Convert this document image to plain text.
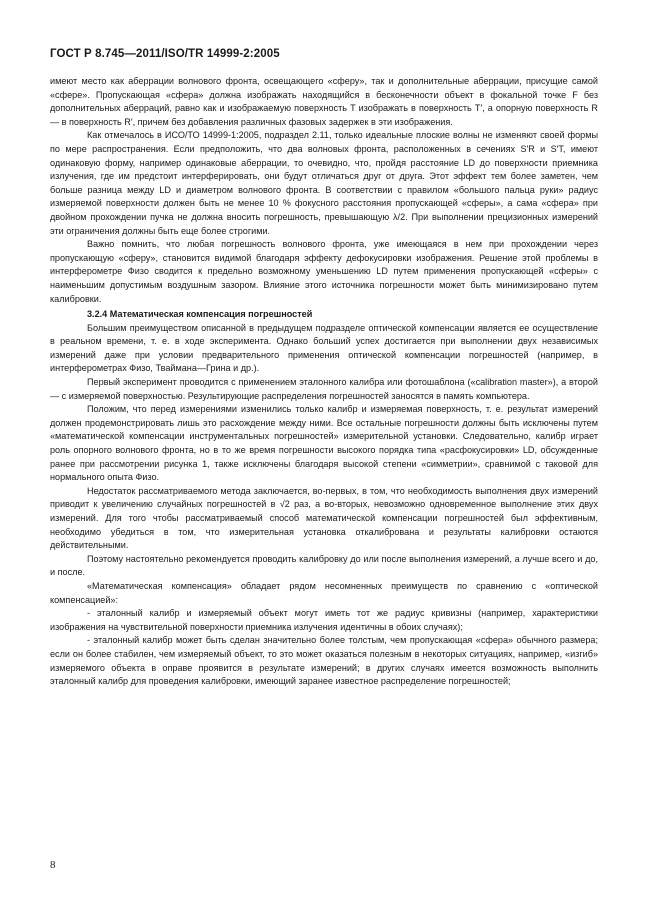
ГОСТ Р 8.745—2011/ISO/TR 14999-2:2005

имеют место как аберрации волнового фронта, освещающего «сферу», так и дополнительные аберрации, присущие самой «сфере». Пропускающая «сфера» должна изображать находящийся в бесконечности объект в фокальной точке F без дополнительных аберраций, равно как и изображаемую поверхность T изображать в поверхность T′, а опорную поверхность R — в поверхность R′, причем без добавления различных фазовых задержек в эти изображения.

Как отмечалось в ИСО/ТО 14999-1:2005, подраздел 2.11, только идеальные плоские волны не изменяют своей формы по мере распространения. Если предположить, что два волновых фронта, расположенных в сечениях S′R и S′T, имеют одинаковую форму, например одинаковые аберрации, то очевидно, что, пройдя расстояние LD до поверхности приемника излучения, где им предстоит интерферировать, они будут отличаться друг от друга. Этот эффект тем более заметен, чем больше разница между LD и диаметром волнового фронта. В соответствии с правилом «большого пальца руки» радиус измеряемой поверхности должен быть не менее 10 % фокусного расстояния пропускающей «сферы», а сама «сфера» при двойном прохождении пучка не должна вносить погрешность, превышающую λ/2. При выполнении прецизионных измерений эти ограничения должны быть еще более строгими.

Важно помнить, что любая погрешность волнового фронта, уже имеющаяся в нем при прохождении через пропускающую «сферу», становится видимой благодаря эффекту дефокусировки изображения. Решение этой проблемы в интерферометре Физо сводится к предельно возможному уменьшению LD путем применения пропускающей «сферы» с наименьшим допустимым воздушным зазором. Влияние этого источника погрешности может быть минимизировано путем калибровки.

3.2.4 Математическая компенсация погрешностей

Большим преимуществом описанной в предыдущем подразделе оптической компенсации является ее осуществление в реальном времени, т. е. в ходе эксперимента. Однако больший успех достигается при выполнении двух независимых измерений даже при условии предварительного применения оптической компенсации погрешностей (например, в интерферометрах Физо, Тваймана—Грина и др.).

Первый эксперимент проводится с применением эталонного калибра или фотошаблона («calibration master»), а второй — с измеряемой поверхностью. Результирующие распределения погрешностей заносятся в память компьютера.

Положим, что перед измерениями изменились только калибр и измеряемая поверхность, т. е. результат измерений должен продемонстрировать лишь это расхождение между ними. Все остальные погрешности должны быть исключены путем «математической компенсации инструментальных погрешностей» измерительной установки. Следовательно, калибр играет роль опорного волнового фронта, но в то же время погрешности высокого порядка типа «расфокусировки» LD, обсужденные ранее при рассмотрении рисунка 1, также исключены благодаря высокой степени «симметрии», сравнимой с таковой для нормального опыта Физо.

Недостаток рассматриваемого метода заключается, во-первых, в том, что необходимость выполнения двух измерений приводит к увеличению случайных погрешностей в √2 раз, а во-вторых, невозможно одновременное выполнение этих двух измерений. Для того чтобы рассматриваемый способ математической компенсации погрешностей был эффективным, необходимо убедиться в том, что измерительная установка откалибрована и результаты калибровки остаются действительными.

Поэтому настоятельно рекомендуется проводить калибровку до или после выполнения измерений, а лучше всего и до, и после.

«Математическая компенсация» обладает рядом несомненных преимуществ по сравнению с «оптической компенсацией»:

- эталонный калибр и измеряемый объект могут иметь тот же радиус кривизны (например, характеристики изображения на чувствительной поверхности приемника излучения идентичны в обоих случаях);

- эталонный калибр может быть сделан значительно более толстым, чем пропускающая «сфера» обычного размера; если он более стабилен, чем измеряемый объект, то это может оказаться полезным в некоторых ситуациях, например, «изгиб» измеряемого объекта в оправе проявится в результате измерений; в других случаях имеется возможность выполнить эталонный калибр для проведения калибровки, имеющий заранее известное распределение погрешностей;

8
